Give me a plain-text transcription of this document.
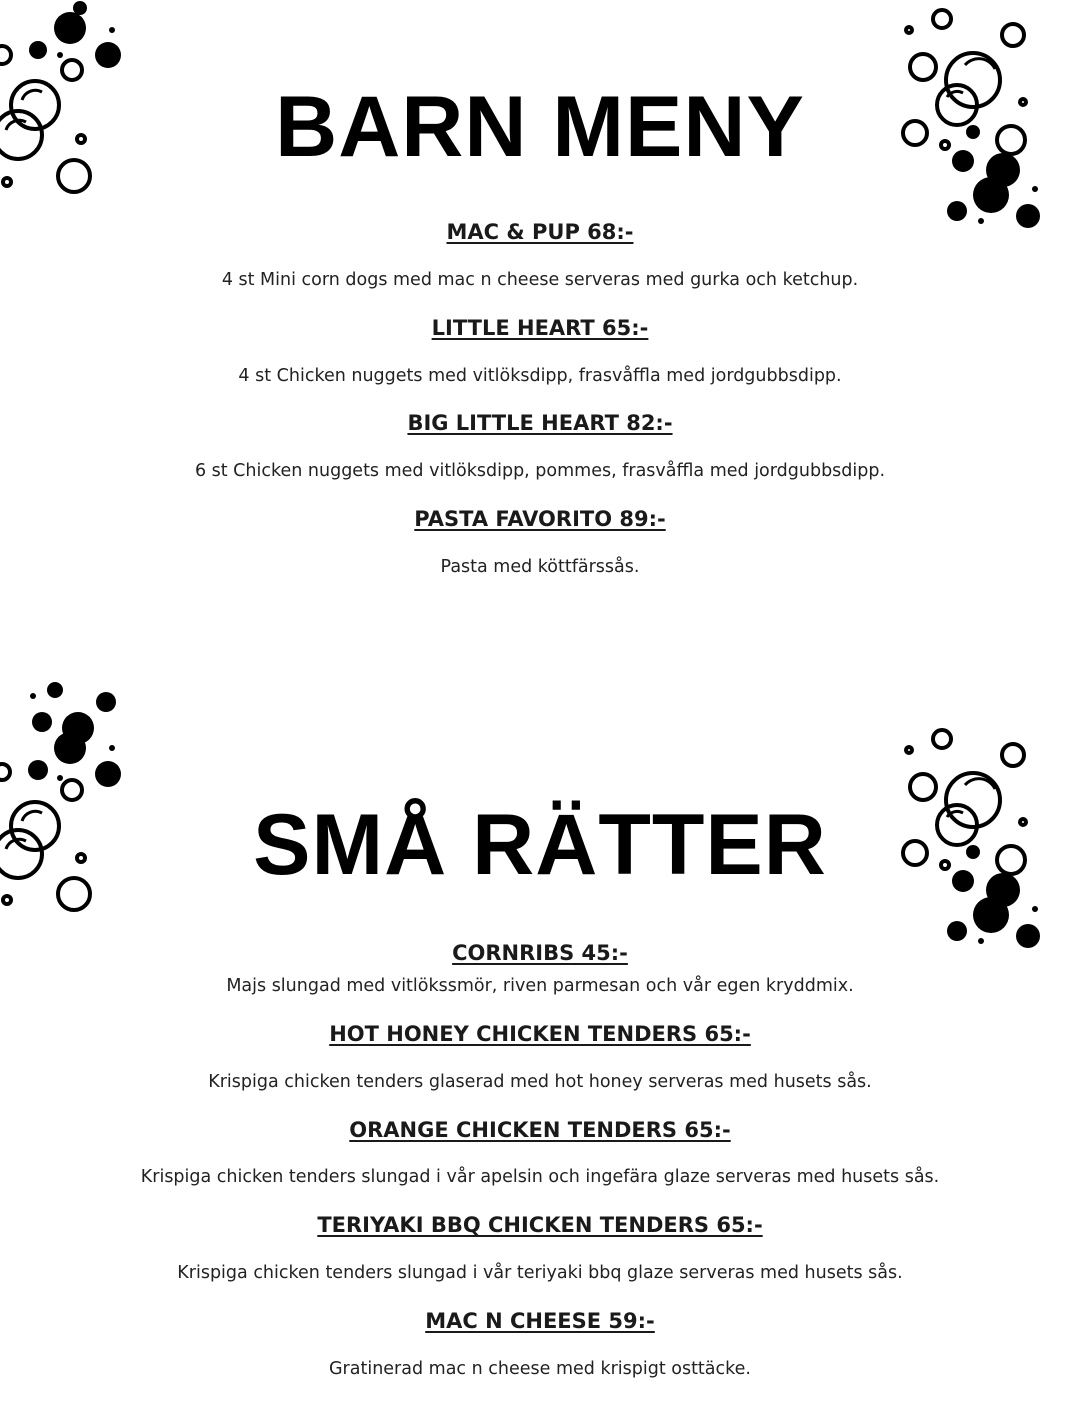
BARN MENY

MAC & PUP 68:-

4 st Mini corn dogs med mac n cheese serveras med gurka och ketchup.

LITTLE HEART 65:-

4 st Chicken nuggets med vitlöksdipp, frasvåffla med jordgubbsdipp.

BIG LITTLE HEART 82:-

6 st Chicken nuggets med vitlöksdipp, pommes, frasvåffla med jordgubbsdipp.

PASTA FAVORITO 89:-

Pasta med köttfärssås.

SMÅ RÄTTER

CORNRIBS 45:-

Majs slungad med vitlökssmör, riven parmesan och vår egen kryddmix.

HOT HONEY CHICKEN TENDERS 65:-

Krispiga chicken tenders glaserad med hot honey serveras med husets sås.

ORANGE CHICKEN TENDERS 65:-

Krispiga chicken tenders slungad i vår apelsin och ingefära glaze serveras med husets sås.

TERIYAKI BBQ CHICKEN TENDERS 65:-

Krispiga chicken tenders slungad i vår teriyaki bbq glaze serveras med husets sås.

MAC N CHEESE 59:-

Gratinerad mac n cheese med krispigt osttäcke.
